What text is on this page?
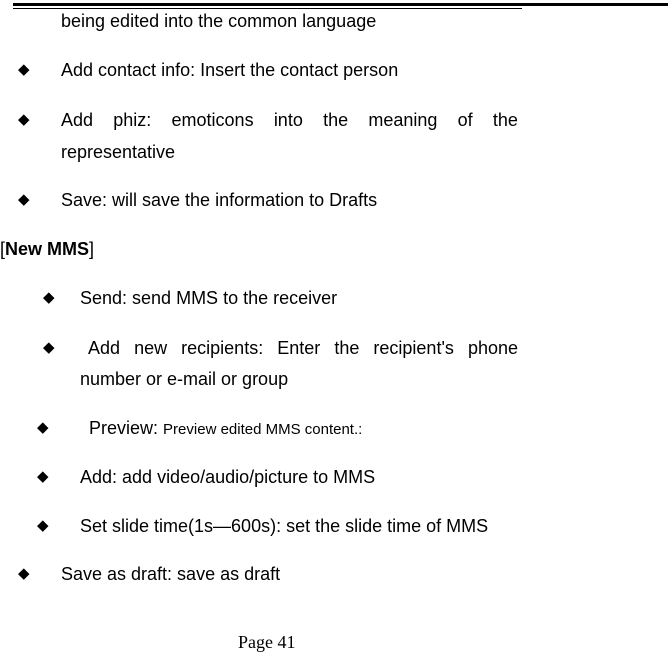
being edited into the common language
◆ Add contact info: Insert the contact person
◆ Add phiz: emoticons into the meaning of the
representative
◆ Save: will save the information to Drafts
[New MMS]
◆ Send: send MMS to the receiver
◆ Add new recipients: Enter the recipient's phone
number or e-mail or group
◆ Preview: Preview edited MMS content.:
◆ Add: add video/audio/picture to MMS
◆ Set slide time(1s—600s): set the slide time of MMS
◆ Save as draft: save as draft
Page 41
